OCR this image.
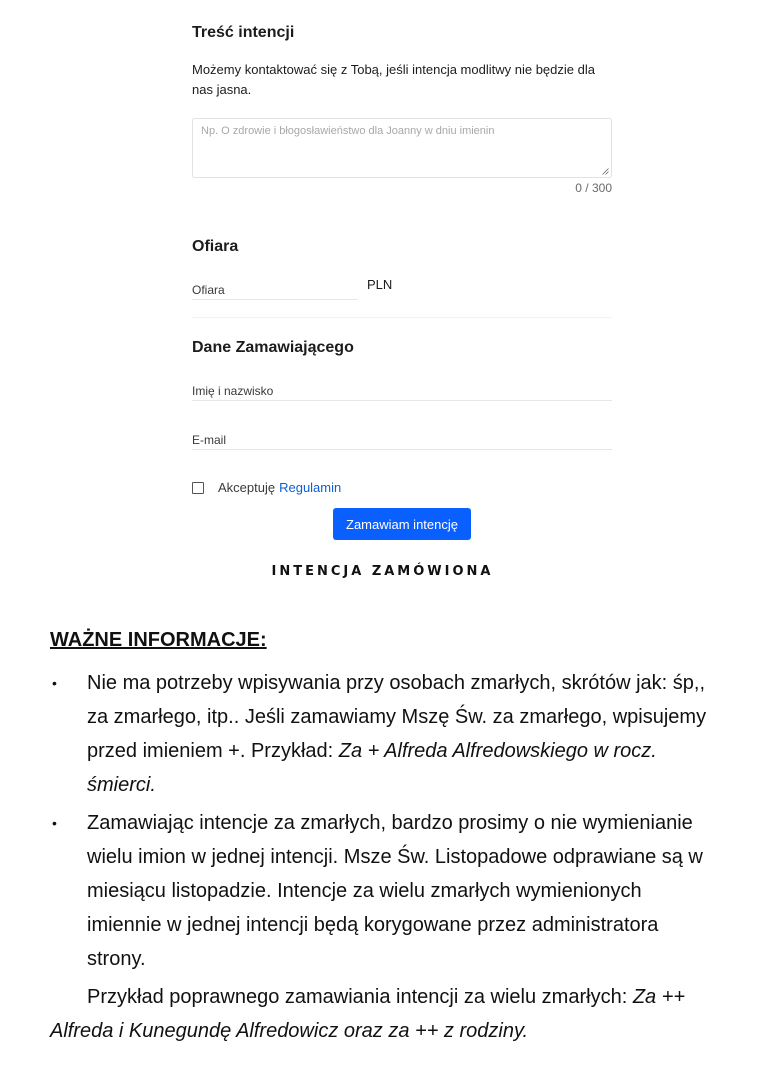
Treść intencji

Możemy kontaktować się z Tobą, jeśli intencja modlitwy nie będzie dla nas jasna.

Np. O zdrowie i błogosławieństwo dla Joanny w dniu imienin
0 / 300
Ofiara
Ofiara
PLN
Dane Zamawiającego
Imię i nazwisko
E-mail
Akceptuję Regulamin
Zamawiam intencję
INTENCJA ZAMÓWIONA
WAŻNE INFORMACJE:
• Nie ma potrzeby wpisywania przy osobach zmarłych, skrótów jak: śp,, za zmarłego, itp.. Jeśli zamawiamy Mszę Św. za zmarłego, wpisujemy przed imieniem +. Przykład: Za + Alfreda Alfredowskiego w rocz. śmierci.
• Zamawiając intencje za zmarłych, bardzo prosimy o nie wymienianie wielu imion w jednej intencji. Msze Św. Listopadowe odprawiane są w miesiącu listopadzie. Intencje za wielu zmarłych wymienionych imiennie w jednej intencji będą korygowane przez administratora strony.

Przykład poprawnego zamawiania intencji za wielu zmarłych: Za ++ Alfreda i Kunegundę Alfredowicz oraz za ++ z rodziny.
